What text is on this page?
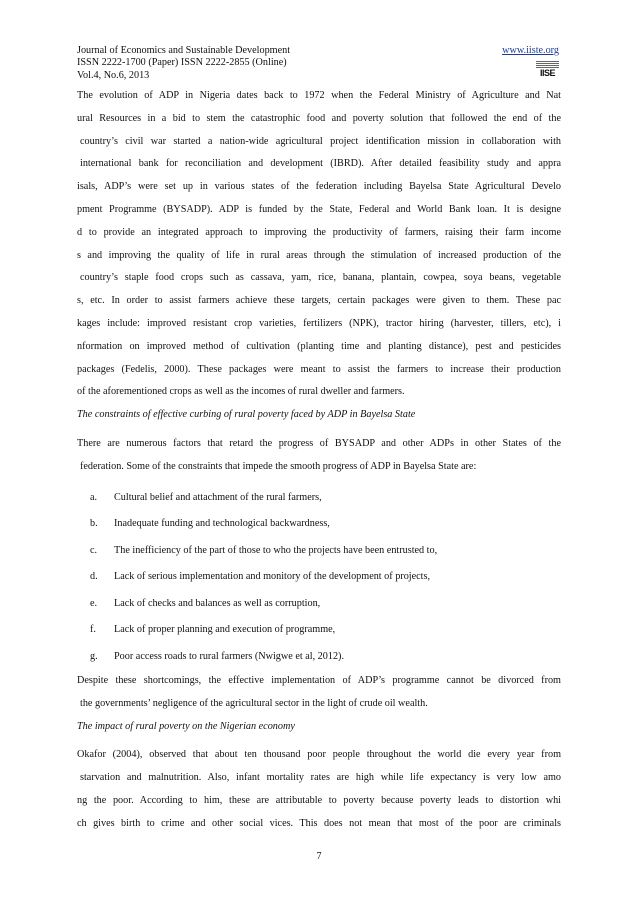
Journal of Economics and Sustainable Development
ISSN 2222-1700 (Paper) ISSN 2222-2855 (Online)
Vol.4, No.6, 2013
www.iiste.org
IISE
The evolution of ADP in Nigeria dates back to 1972 when the Federal Ministry of Agriculture and Nat
ural Resources in a bid to stem the catastrophic food and poverty solution that followed the end of the
country’s civil war started a nation-wide agricultural project identification mission in collaboration with
international bank for reconciliation and development (IBRD). After detailed feasibility study and appra
isals, ADP’s were set up in various states of the federation including Bayelsa State Agricultural Develo
pment Programme (BYSADP). ADP is funded by the State, Federal and World Bank loan. It is designe
d to provide an integrated approach to improving the productivity of farmers, raising their farm income
s and improving the quality of life in rural areas through the stimulation of increased production of the
country’s staple food crops such as cassava, yam, rice, banana, plantain, cowpea, soya beans, vegetable
s, etc. In order to assist farmers achieve these targets, certain packages were given to them. These pac
kages include: improved resistant crop varieties, fertilizers (NPK), tractor hiring (harvester, tillers, etc), i
nformation on improved method of cultivation (planting time and planting distance), pest and pesticides
packages (Fedelis, 2000). These packages were meant to assist the farmers to increase their production
of the aforementioned crops as well as the incomes of rural dweller and farmers.
The constraints of effective curbing of rural poverty faced by ADP in Bayelsa State
There are numerous factors that retard the progress of BYSADP and other ADPs in other States of the
federation. Some of the constraints that impede the smooth progress of ADP in Bayelsa State are:
a. Cultural belief and attachment of the rural farmers,
b. Inadequate funding and technological backwardness,
c. The inefficiency of the part of those to who the projects have been entrusted to,
d. Lack of serious implementation and monitory of the development of projects,
e. Lack of checks and balances as well as corruption,
f. Lack of proper planning and execution of programme,
g. Poor access roads to rural farmers (Nwigwe et al, 2012).
Despite these shortcomings, the effective implementation of ADP’s programme cannot be divorced from
the governments’ negligence of the agricultural sector in the light of crude oil wealth.
The impact of rural poverty on the Nigerian economy
Okafor (2004), observed that about ten thousand poor people throughout the world die every year from
starvation and malnutrition. Also, infant mortality rates are high while life expectancy is very low amo
ng the poor. According to him, these are attributable to poverty because poverty leads to distortion whi
ch gives birth to crime and other social vices. This does not mean that most of the poor are criminals
7
